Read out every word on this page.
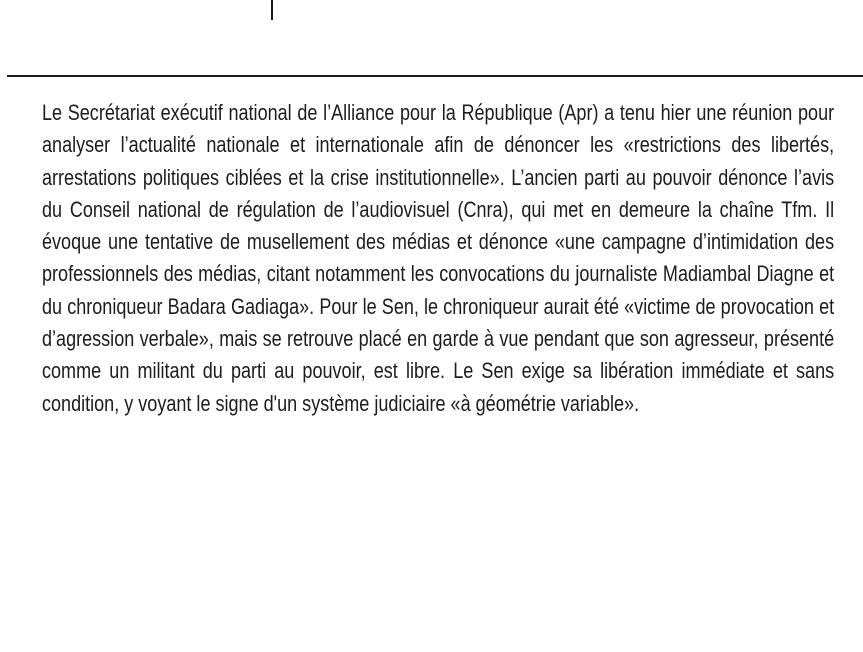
Le Secrétariat exécutif national de l’Alliance pour la République (Apr) a tenu hier une réunion pour analyser l’actualité nationale et internationale afin de dénoncer les «restrictions des libertés, arrestations politiques ciblées et la crise institutionnelle». L’ancien parti au pouvoir dénonce l’avis du Conseil national de régulation de l’audiovisuel (Cnra), qui met en demeure la chaîne Tfm. Il évoque une tentative de musellement des médias et dénonce «une campagne d’intimidation des professionnels des médias, citant notamment les convocations du journaliste Madiambal Diagne et du chroniqueur Badara Gadiaga». Pour le Sen, le chroniqueur aurait été «victime de provocation et d’agression verbale», mais se retrouve placé en garde à vue pendant que son agresseur, présenté comme un militant du parti au pouvoir, est libre. Le Sen exige sa libération immédiate et sans condition, y voyant le signe d'un système judiciaire «à géométrie variable».
